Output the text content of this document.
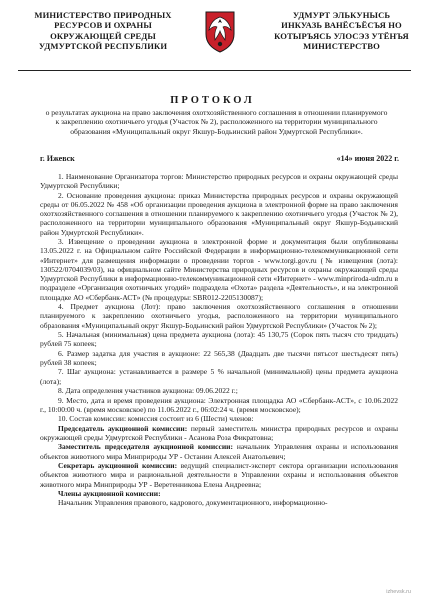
МИНИСТЕРСТВО ПРИРОДНЫХ
РЕСУРСОВ И ОХРАНЫ
ОКРУЖАЮЩЕЙ СРЕДЫ
УДМУРТСКОЙ РЕСПУБЛИКИ
УДМУРТ ЭЛЬКУНЫСЬ
ИНКУАЗЬ ВАНЁСЪЁСЪЯ НО
КОТЫРЪЯСЬ УЛОСЭЗ УТЁНЪЯ
МИНИСТЕРСТВО
ПРОТОКОЛ
о результатах аукциона на право заключения охотхозяйственного соглашения в отношении планируемого к закреплению охотничьего угодья (Участок № 2), расположенного на территории муниципального образования «Муниципальный округ Якшур-Бодьинский район Удмуртской Республики».
г. Ижевск	«14» июня 2022 г.

1. Наименование Организатора торгов: Министерство природных ресурсов и охраны окружающей среды Удмуртской Республики;

2. Основание проведения аукциона: приказ Министерства природных ресурсов и охраны окружающей среды от 06.05.2022 № 458 «Об организации проведения аукциона в электронной форме на право заключения охотхозяйственного соглашения в отношении планируемого к закреплению охотничьего угодья (Участок № 2), расположенного на территории муниципального образования «Муниципальный округ Якшур-Бодьинский район Удмуртской Республики».

3. Извещение о проведении аукциона в электронной форме и документация были опубликованы 13.05.2022 г. на Официальном сайте Российской Федерации в информационно-телекоммуникационной сети «Интернет» для размещения информации о проведении торгов - www.torgi.gov.ru (№ извещения (лота): 130522/0704039/03), на официальном сайте Министерства природных ресурсов и охраны окружающей среды Удмуртской Республики в информационно-телекоммуникационной сети «Интернет» - www.minpriroda-udm.ru в подразделе «Организация охотничьих угодий» подраздела «Охота» раздела «Деятельность», и на электронной площадке АО «Сбербанк-АСТ» (№ процедуры: SBR012-2205130087);

4. Предмет аукциона (Лот): право заключения охотхозяйственного соглашения в отношении планируемого к закреплению охотничьего угодья, расположенного на территории муниципального образования «Муниципальный округ Якшур-Бодьинский район Удмуртской Республики» (Участок № 2);

5. Начальная (минимальная) цена предмета аукциона (лота): 45 130,75 (Сорок пять тысяч сто тридцать) рублей 75 копеек;

6. Размер задатка для участия в аукционе: 22 565,38 (Двадцать две тысячи пятьсот шестьдесят пять) рублей 38 копеек;

7. Шаг аукциона: устанавливается в размере 5 % начальной (минимальной) цены предмета аукциона (лота);

8. Дата определения участников аукциона: 09.06.2022 г.;

9. Место, дата и время проведения аукциона: Электронная площадка АО «Сбербанк-АСТ», с 10.06.2022 г., 10:00:00 ч. (время московское) по 11.06.2022 г., 06:02:24 ч. (время московское);

10. Состав комиссии: комиссия состоит из 6 (Шести) членов:

Председатель аукционной комиссии: первый заместитель министра природных ресурсов и охраны окружающей среды Удмуртской Республики - Асанова Роза Фикратовна;

Заместитель председателя аукционной комиссии: начальник Управления охраны и использования объектов животного мира Минприроды УР - Останин Алексей Анатольевич;

Секретарь аукционной комиссии: ведущий специалист-эксперт сектора организации использования объектов животного мира и рациональной деятельности в Управлении охраны и использования объектов животного мира Минприроды УР - Веретенникова Елена Андреевна;

Члены аукционной комиссии:

Начальник Управления правового, кадрового, документационного, информационно-

izhevsk.ru
